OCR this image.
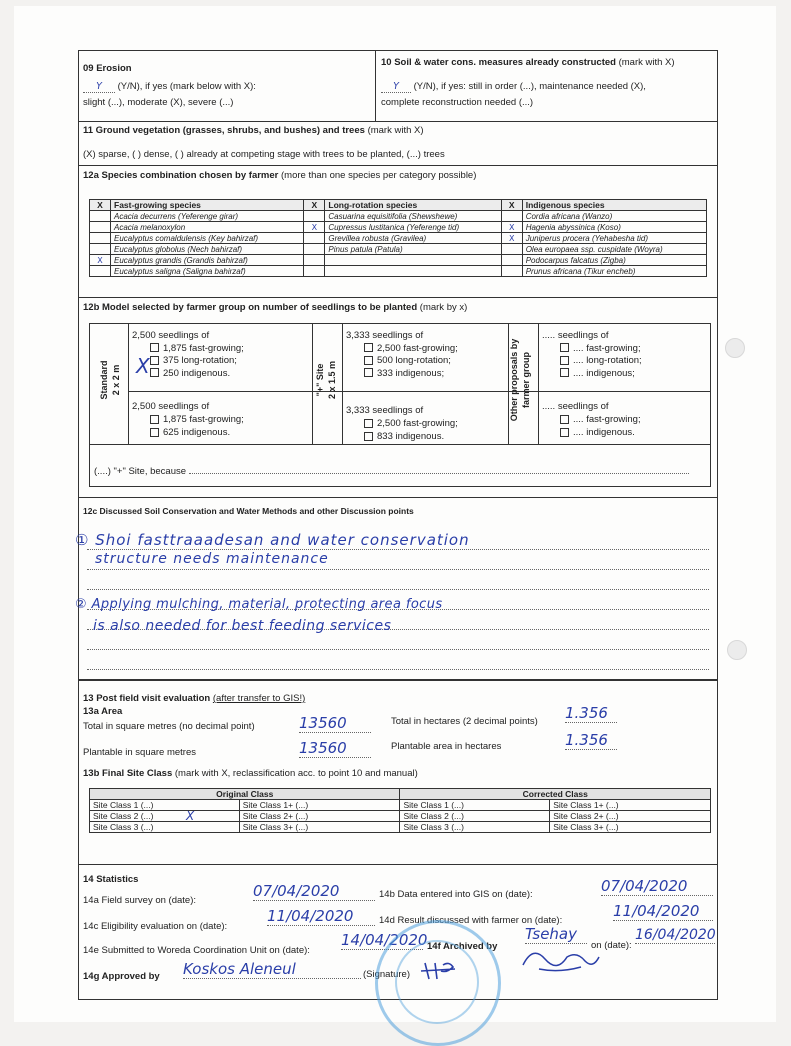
09 Erosion
Y (Y/N), if yes (mark below with X):
slight (...), moderate (X), severe (...)
10 Soil & water cons. measures already constructed (mark with X)
Y (Y/N), if yes: still in order (...), maintenance needed (X),
complete reconstruction needed (...)
11 Ground vegetation (grasses, shrubs, and bushes) and trees (mark with X)
(X) sparse, ( ) dense, ( ) already at competing stage with trees to be planted, (...) trees
12a Species combination chosen by farmer (more than one species per category possible)
X	Fast-growing species	X	Long-rotation species	X	Indigenous species
	Acacia decurrens (Yeferenge girar)		Casuarina equisitifolia (Shewshewe)		Cordia africana (Wanzo)
	Acacia melanoxylon	X	Cupressus lustitanica (Yeferenge tid)	X	Hagenia abyssinica (Koso)
	Eucalyptus comaldulensis (Key bahirzaf)		Grevillea robusta (Gravilea)	X	Juniperus procera (Yehabesha tid)
	Eucalyptus globolus (Nech bahirzaf)		Pinus patula (Patula)		Olea europaea ssp. cuspidate (Woyra)
X	Eucalyptus grandis (Grandis bahirzaf)				Podocarpus falcatus (Zigba)
	Eucalyptus saligna (Saligna bahirzaf)				Prunus africana (Tikur encheb)
12b Model selected by farmer group on number of seedlings to be planted (mark by x)
Standard
2 x 2 m
"+" Site
2 x 1.5 m
Other proposals by
farmer group
2,500 seedlings of
1,875 fast-growing;
375 long-rotation;
250 indigenous.
X
2,500 seedlings of
1,875 fast-growing;
625 indigenous.
3,333 seedlings of
2,500 fast-growing;
500 long-rotation;
333 indigenous;
3,333 seedlings of
2,500 fast-growing;
833 indigenous.
..... seedlings of
.... fast-growing;
.... long-rotation;
.... indigenous;
..... seedlings of
.... fast-growing;
.... indigenous.
(....) "+" Site, because
12c Discussed Soil Conservation and Water Methods and other Discussion points
① Shoi fasttraaadesan and water conservation
structure needs maintenance
② Applying mulching, material, protecting area focus
is also needed for best feeding services
13 Post field visit evaluation (after transfer to GIS!)
13a Area
Total in square metres (no decimal point)	13560	Total in hectares (2 decimal points) 1.356
Plantable in square metres	13560	Plantable area in hectares	1.356
13b Final Site Class (mark with X, reclassification acc. to point 10 and manual)
Original Class		Corrected Class	
Site Class 1 (...)	Site Class 1+ (...)	Site Class 1 (...)	Site Class 1+ (...)
Site Class 2 (...) X	Site Class 2+ (...)	Site Class 2 (...)	Site Class 2+ (...)
Site Class 3 (...)	Site Class 3+ (...)	Site Class 3 (...)	Site Class 3+ (...)
14 Statistics
14a Field survey on (date):
07/04/2020	14b Data entered into GIS on (date):	07/04/2020
14c Eligibility evaluation on (date):
11/04/2020	14d Result discussed with farmer on (date):
11/04/2020
14e Submitted to Woreda Coordination Unit on (date):
14/04/2020 14f Archived by
Tsehay
on (date):
16/04/2020
14g Approved by Koskos Aleneul	(Signature)
